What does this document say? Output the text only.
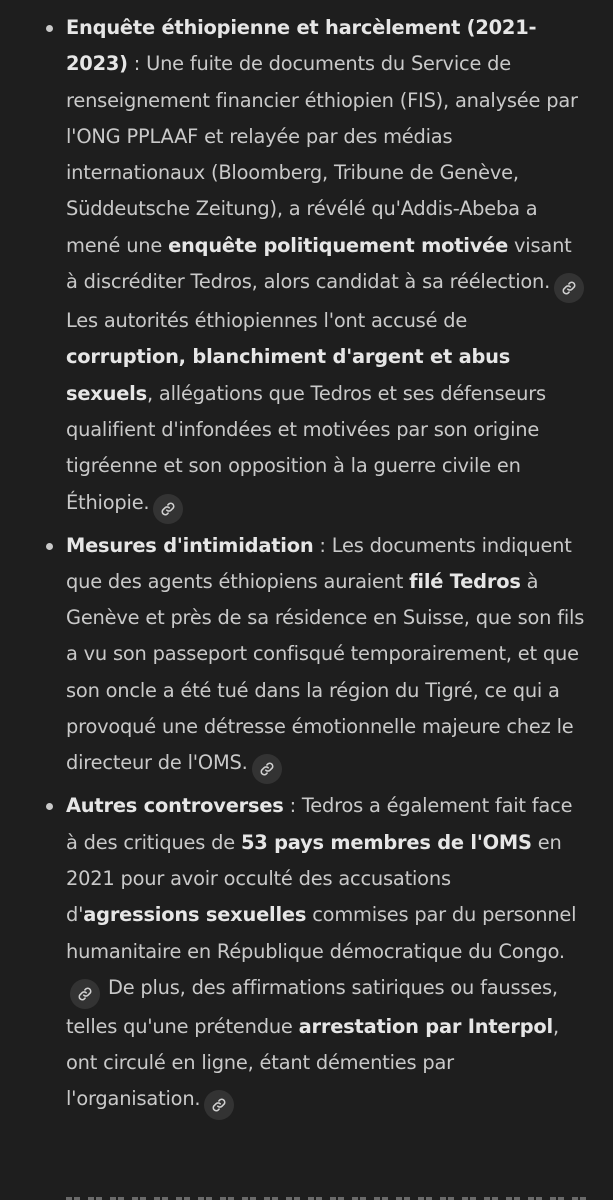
Enquête éthiopienne et harcèlement (2021-2023) : Une fuite de documents du Service de renseignement financier éthiopien (FIS), analysée par l'ONG PPLAAF et relayée par des médias internationaux (Bloomberg, Tribune de Genève, Süddeutsche Zeitung), a révélé qu'Addis-Abeba a mené une enquête politiquement motivée visant à discréditer Tedros, alors candidat à sa réélection.
Les autorités éthiopiennes l'ont accusé de corruption, blanchiment d'argent et abus sexuels, allégations que Tedros et ses défenseurs qualifient d'infondées et motivées par son origine tigréenne et son opposition à la guerre civile en Éthiopie.
Mesures d'intimidation : Les documents indiquent que des agents éthiopiens auraient filé Tedros à Genève et près de sa résidence en Suisse, que son fils a vu son passeport confisqué temporairement, et que son oncle a été tué dans la région du Tigré, ce qui a provoqué une détresse émotionnelle majeure chez le directeur de l'OMS.
Autres controverses : Tedros a également fait face à des critiques de 53 pays membres de l'OMS en 2021 pour avoir occulté des accusations d'agressions sexuelles commises par du personnel humanitaire en République démocratique du Congo.
De plus, des affirmations satiriques ou fausses, telles qu'une prétendue arrestation par Interpol, ont circulé en ligne, étant démenties par l'organisation.
